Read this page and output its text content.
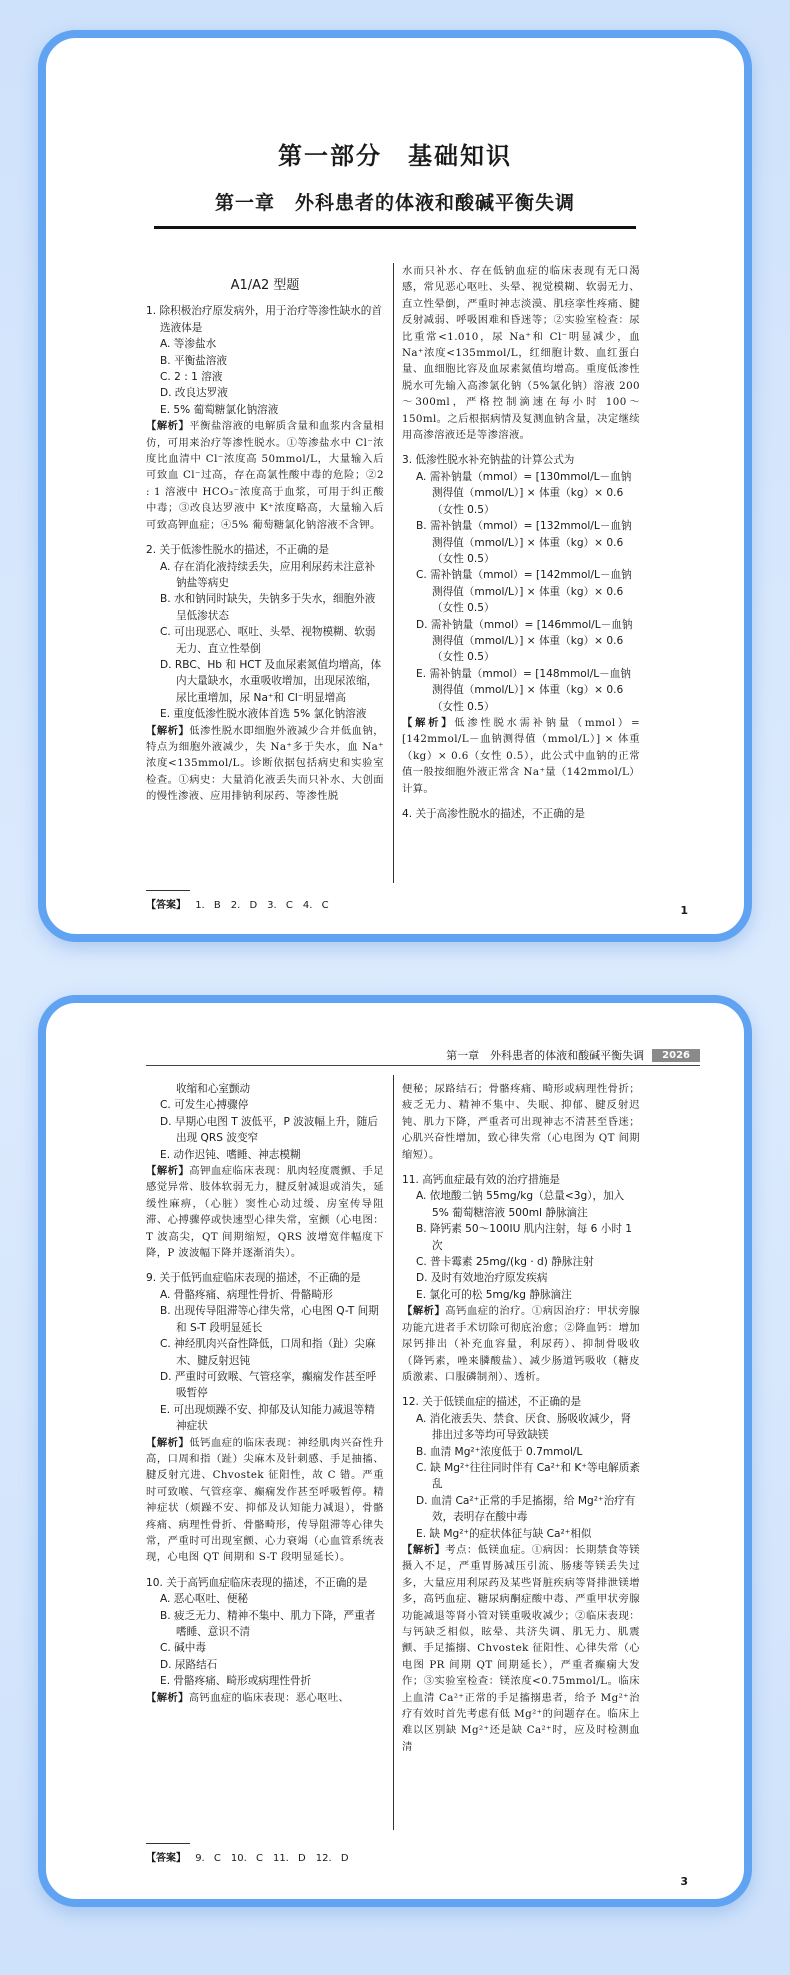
第一部分　基础知识
第一章　外科患者的体液和酸碱平衡失调
A1/A2 型题
1. 除积极治疗原发病外，用于治疗等渗性缺水的首选液体是
A. 等渗盐水
B. 平衡盐溶液
C. 2 : 1 溶液
D. 改良达罗液
E. 5% 葡萄糖氯化钠溶液
【解析】平衡盐溶液的电解质含量和血浆内含量相仿，可用来治疗等渗性脱水。①等渗盐水中 Cl⁻浓度比血清中 Cl⁻浓度高 50mmol/L，大量输入后可致血 Cl⁻过高，存在高氯性酸中毒的危险；②2 : 1 溶液中 HCO₃⁻浓度高于血浆，可用于纠正酸中毒；③改良达罗液中 K⁺浓度略高，大量输入后可致高钾血症；④5% 葡萄糖氯化钠溶液不含钾。
2. 关于低渗性脱水的描述，不正确的是
A. 存在消化液持续丢失，应用利尿药未注意补钠盐等病史
B. 水和钠同时缺失，失钠多于失水，细胞外液呈低渗状态
C. 可出现恶心、呕吐、头晕、视物模糊、软弱无力、直立性晕倒
D. RBC、Hb 和 HCT 及血尿素氮值均增高，体内大量缺水，水重吸收增加，出现尿浓缩，尿比重增加，尿 Na⁺和 Cl⁻明显增高
E. 重度低渗性脱水液体首选 5% 氯化钠溶液
【解析】低渗性脱水即细胞外液减少合并低血钠，特点为细胞外液减少，失 Na⁺多于失水，血 Na⁺浓度<135mmol/L。诊断依据包括病史和实验室检查。①病史：大量消化液丢失而只补水、大创面的慢性渗液、应用排钠利尿药、等渗性脱
水而只补水、存在低钠血症的临床表现有无口渴感，常见恶心呕吐、头晕、视觉模糊、软弱无力、直立性晕倒，严重时神志淡漠、肌痉挛性疼痛、腱反射减弱、呼吸困难和昏迷等；②实验室检查：尿比重常<1.010，尿 Na⁺和 Cl⁻明显减少，血 Na⁺浓度<135mmol/L，红细胞计数、血红蛋白量、血细胞比容及血尿素氮值均增高。重度低渗性脱水可先输入高渗氯化钠（5%氯化钠）溶液 200～300ml，严格控制滴速在每小时 100～150ml。之后根据病情及复测血钠含量，决定继续用高渗溶液还是等渗溶液。
3. 低渗性脱水补充钠盐的计算公式为
A. 需补钠量（mmol）= [130mmol/L－血钠测得值（mmol/L）] × 体重（kg）× 0.6（女性 0.5）
B. 需补钠量（mmol）= [132mmol/L－血钠测得值（mmol/L）] × 体重（kg）× 0.6（女性 0.5）
C. 需补钠量（mmol）= [142mmol/L－血钠测得值（mmol/L）] × 体重（kg）× 0.6（女性 0.5）
D. 需补钠量（mmol）= [146mmol/L－血钠测得值（mmol/L）] × 体重（kg）× 0.6（女性 0.5）
E. 需补钠量（mmol）= [148mmol/L－血钠测得值（mmol/L）] × 体重（kg）× 0.6（女性 0.5）
【解析】低渗性脱水需补钠量（mmol）= [142mmol/L－血钠测得值（mmol/L）] × 体重（kg）× 0.6（女性 0.5），此公式中血钠的正常值一般按细胞外液正常含 Na⁺量（142mmol/L）计算。
4. 关于高渗性脱水的描述，不正确的是
【答案】 1. B　2. D　3. C　4. C	1
第一章　外科患者的体液和酸碱平衡失调	2026
收缩和心室颤动
C. 可发生心搏骤停
D. 早期心电图 T 波低平，P 波波幅上升，随后出现 QRS 波变窄
E. 动作迟钝、嗜睡、神志模糊
【解析】高钾血症临床表现：肌肉轻度震颤、手足感觉异常、肢体软弱无力，腱反射减退或消失，延缓性麻痹，（心脏）窦性心动过缓、房室传导阻滞、心搏骤停或快速型心律失常，室颤（心电图：T 波高尖，QT 间期缩短，QRS 波增宽伴幅度下降，P 波波幅下降并逐渐消失）。
9. 关于低钙血症临床表现的描述，不正确的是
A. 骨骼疼痛、病理性骨折、骨骼畸形
B. 出现传导阻滞等心律失常，心电图 Q-T 间期和 S-T 段明显延长
C. 神经肌肉兴奋性降低，口周和指（趾）尖麻木、腱反射迟钝
D. 严重时可致喉、气管痉挛，癫痫发作甚至呼吸暂停
E. 可出现烦躁不安、抑郁及认知能力减退等精神症状
【解析】低钙血症的临床表现：神经肌肉兴奋性升高，口周和指（趾）尖麻木及针刺感、手足抽搐、腱反射亢进、Chvostek 征阳性，故 C 错。严重时可致喉、气管痉挛、癫痫发作甚至呼吸暂停。精神症状（烦躁不安、抑郁及认知能力减退），骨骼疼痛、病理性骨折、骨骼畸形，传导阻滞等心律失常，严重时可出现室颤、心力衰竭（心血管系统表现，心电图 QT 间期和 S-T 段明显延长）。
10. 关于高钙血症临床表现的描述，不正确的是
A. 恶心呕吐、便秘
B. 疲乏无力、精神不集中、肌力下降，严重者嗜睡、意识不清
C. 碱中毒
D. 尿路结石
E. 骨骼疼痛、畸形或病理性骨折
【解析】高钙血症的临床表现：恶心呕吐、
便秘；尿路结石；骨骼疼痛、畸形或病理性骨折；疲乏无力、精神不集中、失眠、抑郁、腱反射迟钝、肌力下降，严重者可出现神志不清甚至昏迷；心肌兴奋性增加，致心律失常（心电图为 QT 间期缩短）。
11. 高钙血症最有效的治疗措施是
A. 依地酸二钠 55mg/kg（总量<3g），加入 5% 葡萄糖溶液 500ml 静脉滴注
B. 降钙素 50～100IU 肌内注射，每 6 小时 1 次
C. 普卡霉素 25mg/(kg · d) 静脉注射
D. 及时有效地治疗原发疾病
E. 氯化可的松 5mg/kg 静脉滴注
【解析】高钙血症的治疗。①病因治疗：甲状旁腺功能亢进者手术切除可彻底治愈；②降血钙：增加尿钙排出（补充血容量，利尿药）、抑制骨吸收（降钙素，唑来膦酸盐）、减少肠道钙吸收（糖皮质激素、口服磷制剂）、透析。
12. 关于低镁血症的描述，不正确的是
A. 消化液丢失、禁食、厌食、肠吸收减少，肾排出过多等均可导致缺镁
B. 血清 Mg²⁺浓度低于 0.7mmol/L
C. 缺 Mg²⁺往往同时伴有 Ca²⁺和 K⁺等电解质紊乱
D. 血清 Ca²⁺正常的手足搐搦，给 Mg²⁺治疗有效，表明存在酸中毒
E. 缺 Mg²⁺的症状体征与缺 Ca²⁺相似
【解析】考点：低镁血症。①病因：长期禁食等镁摄入不足，严重胃肠减压引流、肠瘘等镁丢失过多，大量应用利尿药及某些肾脏疾病等肾排泄镁增多，高钙血症、糖尿病酮症酸中毒、严重甲状旁腺功能减退等肾小管对镁重吸收减少；②临床表现：与钙缺乏相似，眩晕、共济失调、肌无力、肌震颤、手足搐搦、Chvostek 征阳性、心律失常（心电图 PR 间期 QT 间期延长），严重者癫痫大发作；③实验室检查：镁浓度<0.75mmol/L。临床上血清 Ca²⁺正常的手足搐搦患者，给予 Mg²⁺治疗有效时首先考虑有低 Mg²⁺的问题存在。临床上难以区别缺 Mg²⁺还是缺 Ca²⁺时，应及时检测血清
【答案】 9. C　10. C　11. D　12. D
3
